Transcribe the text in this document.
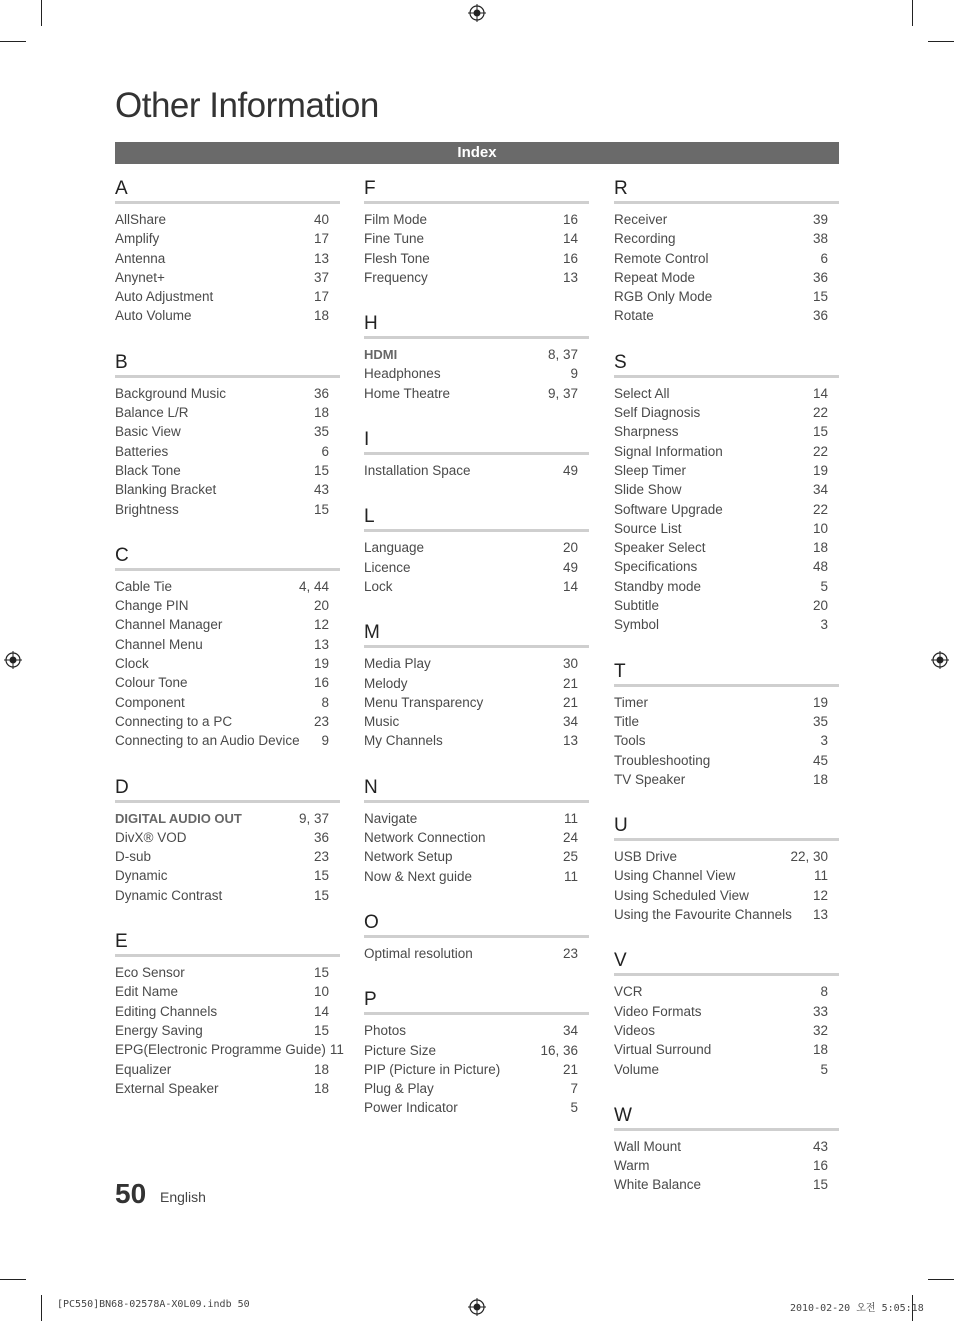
Other Information
Index
A
AllShare	40
Amplify	17
Antenna	13
Anynet+	37
Auto Adjustment	17
Auto Volume	18
B
Background Music	36
Balance L/R	18
Basic View	35
Batteries	6
Black Tone	15
Blanking Bracket	43
Brightness	15
C
Cable Tie	4, 44
Change PIN	20
Channel Manager	12
Channel Menu	13
Clock	19
Colour Tone	16
Component	8
Connecting to a PC	23
Connecting to an Audio Device 9
D
DIGITAL AUDIO OUT	9, 37
DivX® VOD	36
D-sub	23
Dynamic	15
Dynamic Contrast	15
E
Eco Sensor	15
Edit Name	10
Editing Channels	14
Energy Saving	15
EPG(Electronic Programme Guide) 11
Equalizer	18
External Speaker	18
F
Film Mode	16
Fine Tune	14
Flesh Tone	16
Frequency	13
H
HDMI	8, 37
Headphones	9
Home Theatre	9, 37
I
Installation Space	49
L
Language	20
Licence	49
Lock	14
M
Media Play	30
Melody	21
Menu Transparency	21
Music	34
My Channels	13
N
Navigate	11
Network Connection	24
Network Setup	25
Now & Next guide	11
O
Optimal resolution	23
P
Photos	34
Picture Size	16, 36
PIP (Picture in Picture)	21
Plug & Play	7
Power Indicator	5
R
Receiver	39
Recording	38
Remote Control	6
Repeat Mode	36
RGB Only Mode	15
Rotate	36
S
Select All	14
Self Diagnosis	22
Sharpness	15
Signal Information	22
Sleep Timer	19
Slide Show	34
Software Upgrade	22
Source List	10
Speaker Select	18
Specifications	48
Standby mode	5
Subtitle	20
Symbol	3
T
Timer	19
Title	35
Tools	3
Troubleshooting	45
TV Speaker	18
U
USB Drive	22, 30
Using Channel View	11
Using Scheduled View	12
Using the Favourite Channels 13
V
VCR	8
Video Formats	33
Videos	32
Virtual Surround	18
Volume	5
W
Wall Mount	43
Warm	16
White Balance	15
50 English
[PC550]BN68-02578A-X0L09.indb 50	2010-02-20 오전 5:05:18
